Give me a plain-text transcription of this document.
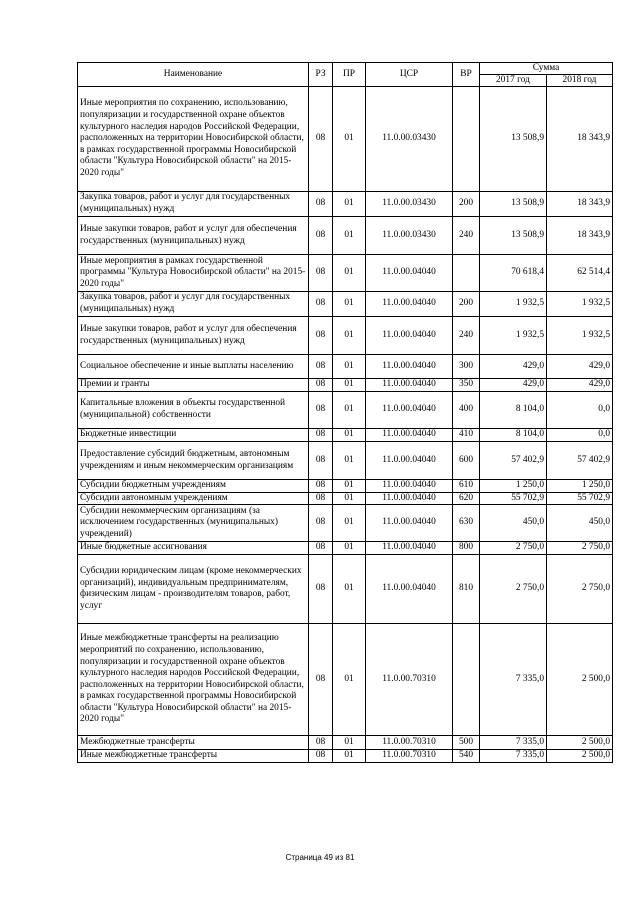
Наименование	РЗ	ПР	ЦСР	ВР	Сумма	
					2017 год	2018 год
Иные мероприятия по сохранению, использованию, популяризации и государственной охране объектов культурного наследия народов Российской Федерации, расположенных на территории Новосибирской области, в рамках государственной программы Новосибирской области "Культура Новосибирской области" на 2015-2020 годы"	08	01	11.0.00.03430		13 508,9	18 343,9
Закупка товаров, работ и услуг для государственных (муниципальных) нужд	08	01	11.0.00.03430	200	13 508,9	18 343,9
Иные закупки товаров, работ и услуг для обеспечения государственных (муниципальных) нужд	08	01	11.0.00.03430	240	13 508,9	18 343,9
Иные мероприятия в рамках государственной программы "Культура Новосибирской области" на 2015-2020 годы"	08	01	11.0.00.04040		70 618,4	62 514,4
Закупка товаров, работ и услуг для государственных (муниципальных) нужд	08	01	11.0.00.04040	200	1 932,5	1 932,5
Иные закупки товаров, работ и услуг для обеспечения государственных (муниципальных) нужд	08	01	11.0.00.04040	240	1 932,5	1 932,5
Социальное обеспечение и иные выплаты населению	08	01	11.0.00.04040	300	429,0	429,0
Премии и гранты	08	01	11.0.00.04040	350	429,0	429,0
Капитальные вложения в объекты государственной (муниципальной) собственности	08	01	11.0.00.04040	400	8 104,0	0,0
Бюджетные инвестиции	08	01	11.0.00.04040	410	8 104,0	0,0
Предоставление субсидий бюджетным, автономным учреждениям и иным некоммерческим организациям	08	01	11.0.00.04040	600	57 402,9	57 402,9
Субсидии бюджетным учреждениям	08	01	11.0.00.04040	610	1 250,0	1 250,0
Субсидии автономным учреждениям	08	01	11.0.00.04040	620	55 702,9	55 702,9
Субсидии некоммерческим организациям (за исключением государственных (муниципальных) учреждений)	08	01	11.0.00.04040	630	450,0	450,0
Иные бюджетные ассигнования	08	01	11.0.00.04040	800	2 750,0	2 750,0
Субсидии юридическим лицам (кроме некоммерческих организаций), индивидуальным предпринимателям, физическим лицам - производителям товаров, работ, услуг	08	01	11.0.00.04040	810	2 750,0	2 750,0
Иные межбюджетные трансферты на реализацию мероприятий по сохранению, использованию, популяризации и государственной охране объектов культурного наследия народов Российской Федерации, расположенных на территории Новосибирской области, в рамках государственной программы Новосибирской области "Культура Новосибирской области" на 2015-2020 годы"	08	01	11.0.00.70310		7 335,0	2 500,0
Межбюджетные трансферты	08	01	11.0.00.70310	500	7 335,0	2 500,0
Иные межбюджетные трансферты	08	01	11.0.00.70310	540	7 335,0	2 500,0
Страница 49 из 81
